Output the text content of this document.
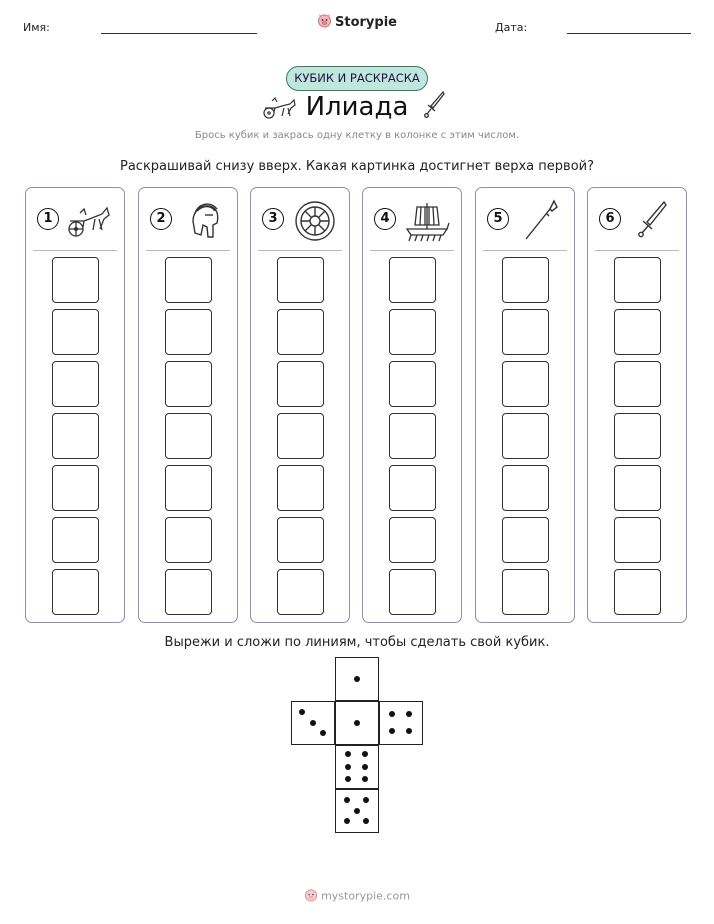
Имя:	Storypie	Дата:
КУБИК И РАСКРАСКА
Илиада
Брось кубик и закрась одну клетку в колонке с этим числом.
Раскрашивай снизу вверх. Какая картинка достигнет верха первой?
1	2	3	4	5	6
Вырежи и сложи по линиям, чтобы сделать свой кубик.
mystorypie.com
